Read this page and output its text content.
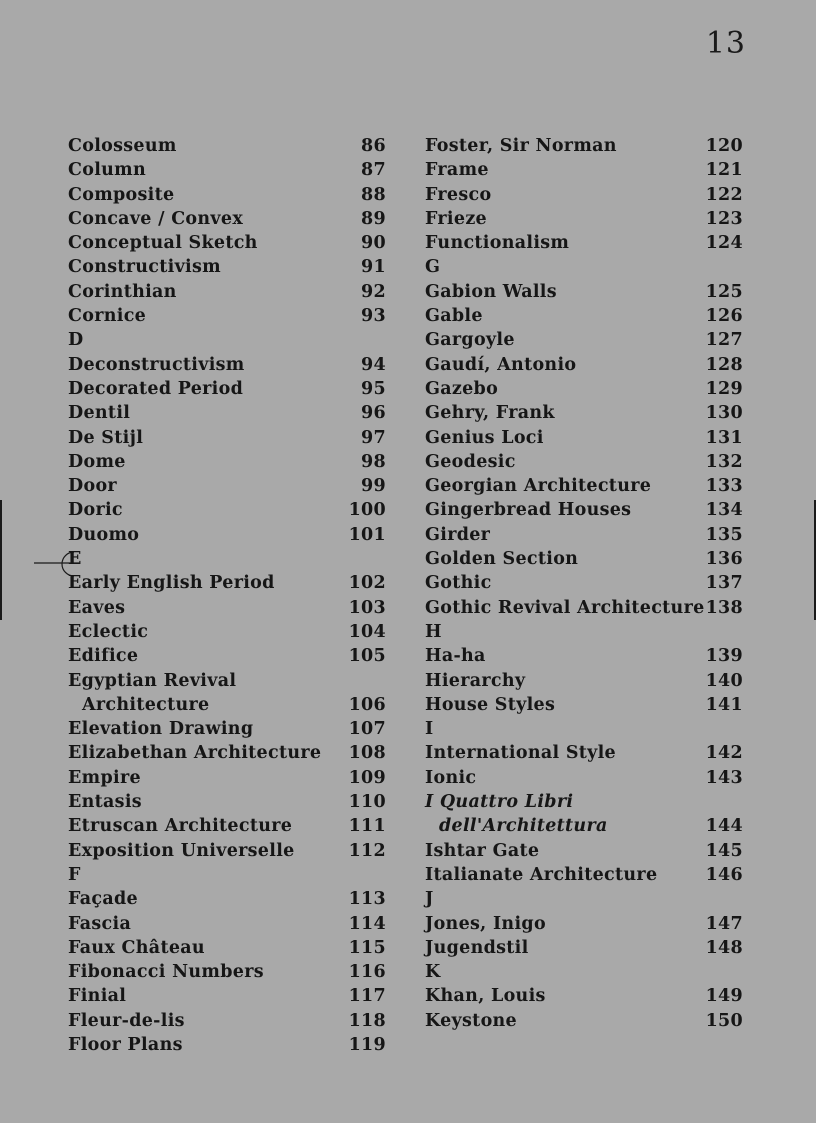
13
Colosseum	86
Column	87
Composite	88
Concave / Convex	89
Conceptual Sketch	90
Constructivism	91
Corinthian	92
Cornice	93
D
Deconstructivism	94
Decorated Period	95
Dentil	96
De Stijl	97
Dome	98
Door	99
Doric	100
Duomo	101
E
Early English Period	102
Eaves	103
Eclectic	104
Edifice	105
Egyptian Revival
Architecture	106
Elevation Drawing	107
Elizabethan Architecture	108
Empire	109
Entasis	110
Etruscan Architecture	111
Exposition Universelle	112
F
Façade	113
Fascia	114
Faux Château	115
Fibonacci Numbers	116
Finial	117
Fleur-de-lis	118
Floor Plans	119
Foster, Sir Norman	120
Frame	121
Fresco	122
Frieze	123
Functionalism	124
G
Gabion Walls	125
Gable	126
Gargoyle	127
Gaudí, Antonio	128
Gazebo	129
Gehry, Frank	130
Genius Loci	131
Geodesic	132
Georgian Architecture	133
Gingerbread Houses	134
Girder	135
Golden Section	136
Gothic	137
Gothic Revival Architecture 138
H
Ha-ha	139
Hierarchy	140
House Styles	141
I
International Style	142
Ionic	143
I Quattro Libri
dell'Architettura	144
Ishtar Gate	145
Italianate Architecture	146
J
Jones, Inigo	147
Jugendstil	148
K
Khan, Louis	149
Keystone	150
